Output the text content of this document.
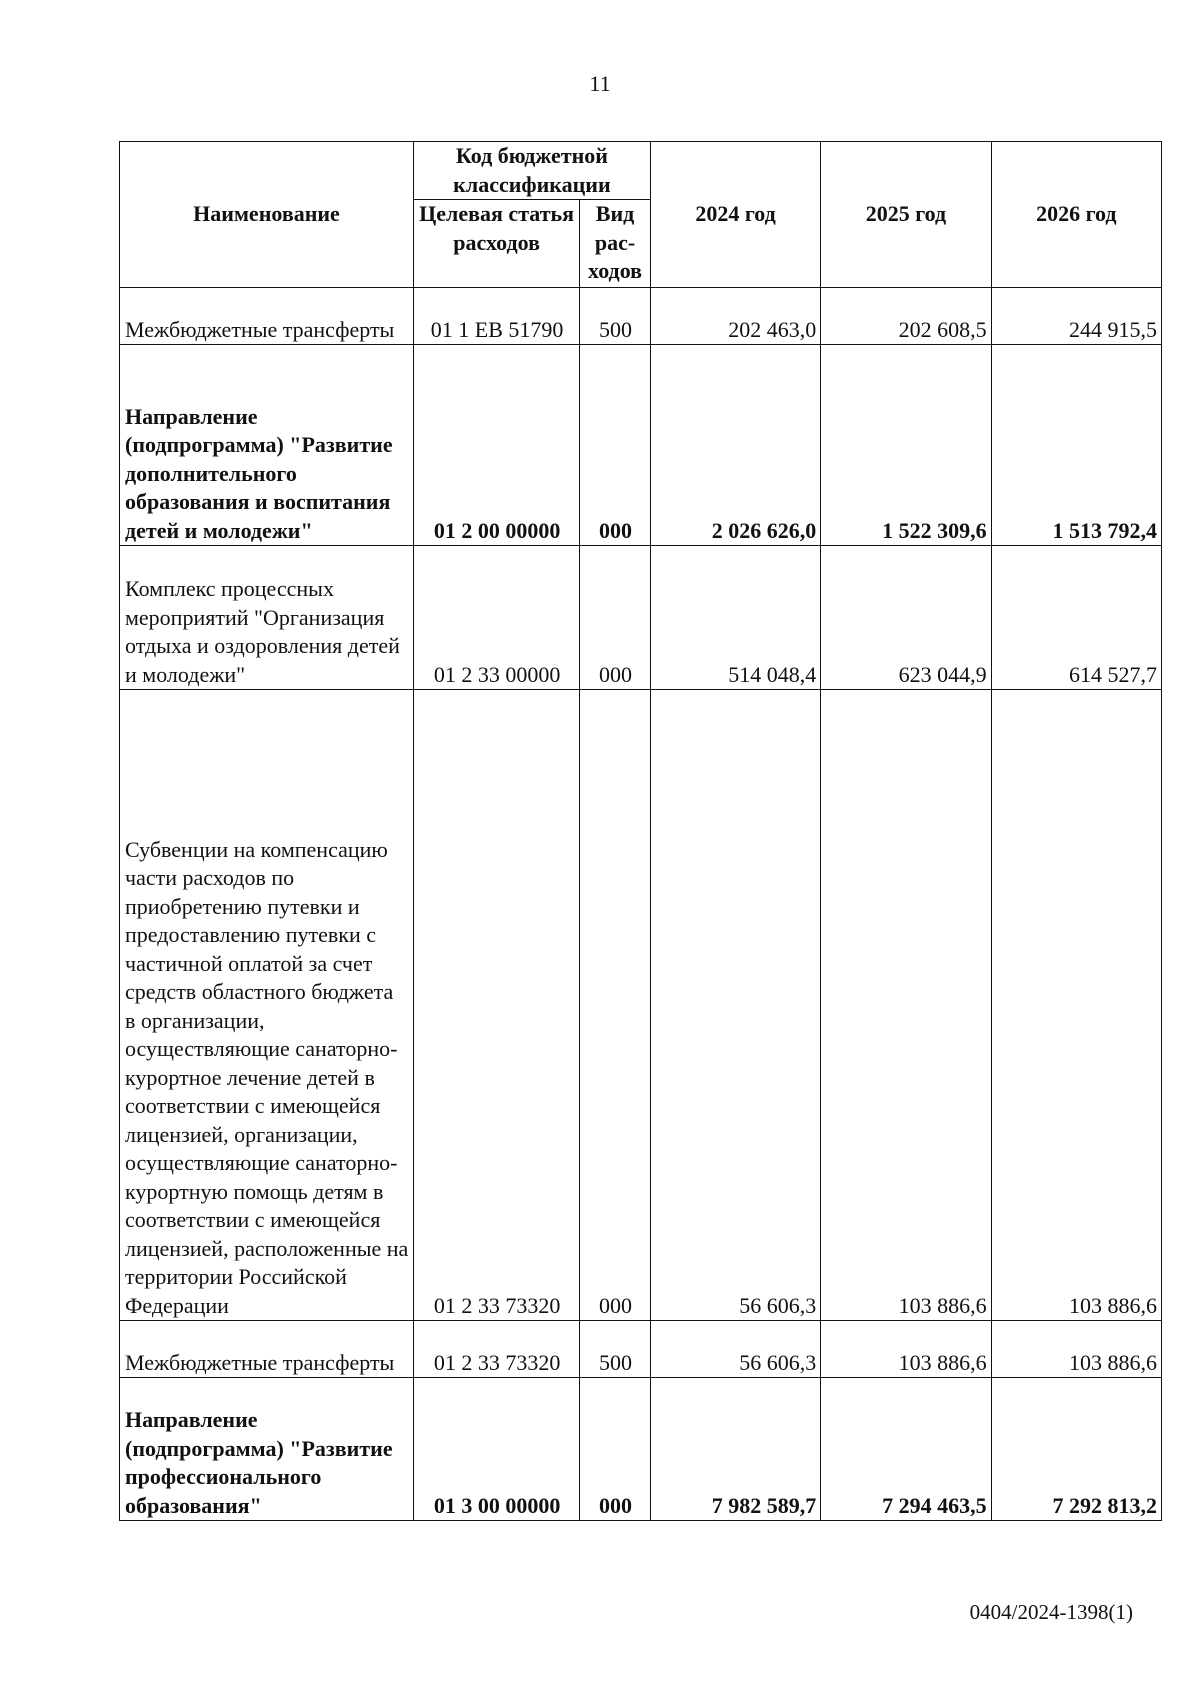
11
Наименование	Код бюджетной классификации		2024 год	2025 год	2026 год
	Целевая статья расходов	Вид рас- ходов			
Межбюджетные трансферты	01 1 ЕВ 51790	500	202 463,0	202 608,5	244 915,5
Направление (подпрограмма) "Развитие дополнительного образования и воспитания детей и молодежи"	01 2 00 00000	000	2 026 626,0	1 522 309,6	1 513 792,4
Комплекс процессных мероприятий "Организация отдыха и оздоровления детей и молодежи"	01 2 33 00000	000	514 048,4	623 044,9	614 527,7
Субвенции на компенсацию части расходов по приобретению путевки и предоставлению путевки с частичной оплатой за счет средств областного бюджета в организации, осуществляющие санаторно-курортное лечение детей в соответствии с имеющейся лицензией, организации, осуществляющие санаторно-курортную помощь детям в соответствии с имеющейся лицензией, расположенные на территории Российской Федерации	01 2 33 73320	000	56 606,3	103 886,6	103 886,6
Межбюджетные трансферты	01 2 33 73320	500	56 606,3	103 886,6	103 886,6
Направление (подпрограмма) "Развитие профессионального образования"	01 3 00 00000	000	7 982 589,7	7 294 463,5	7 292 813,2
0404/2024-1398(1)
